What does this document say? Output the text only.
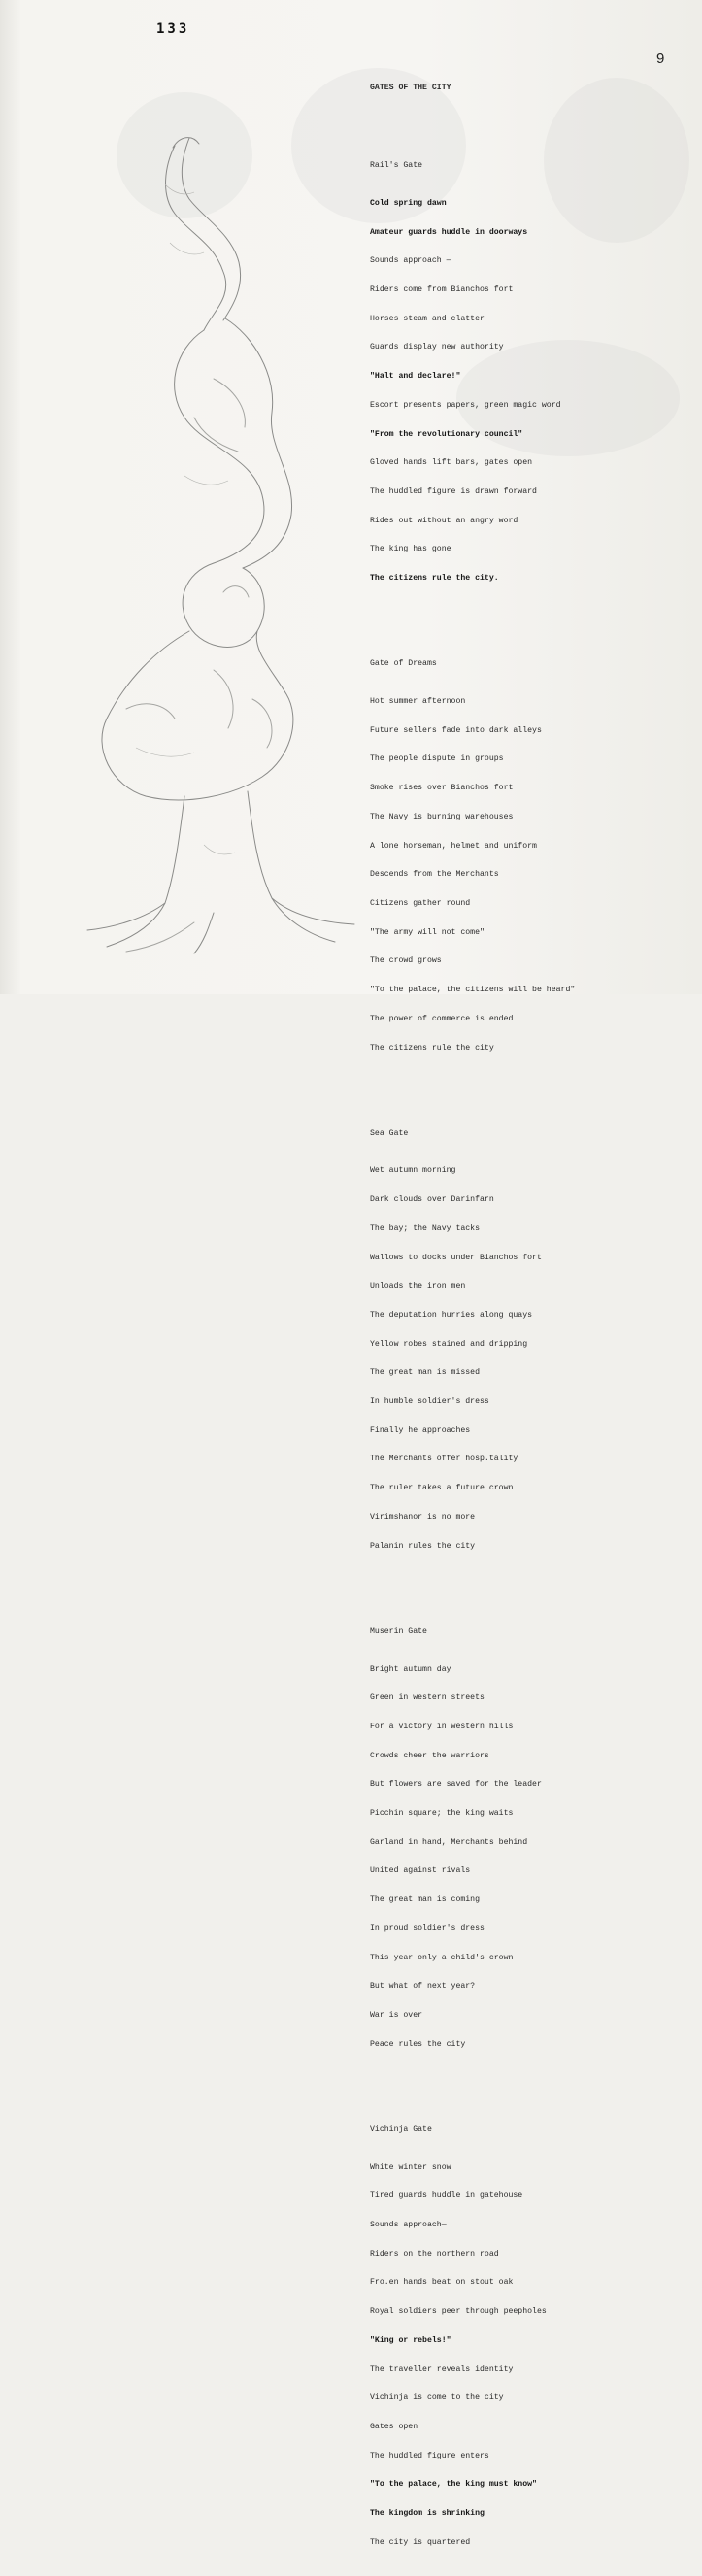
133
9

GATES OF THE CITY

Rail's Gate

Cold spring dawn

Amateur guards huddle in doorways

Sounds approach —

Riders come from Bianchos fort

Horses steam and clatter

Guards display new authority

"Halt and declare!"

Escort presents papers, green magic word

"From the revolutionary council"

Gloved hands lift bars, gates open

The huddled figure is drawn forward

Rides out without an angry word

The king has gone

The citizens rule the city.

Gate of Dreams

Hot summer afternoon

Future sellers fade into dark alleys

The people dispute in groups

Smoke rises over Bianchos fort

The Navy is burning warehouses

A lone horseman, helmet and uniform

Descends from the Merchants

Citizens gather round

"The army will not come"

The crowd grows

"To the palace, the citizens will be heard"

The power of commerce is ended

The citizens rule the city

Sea Gate

Wet autumn morning

Dark clouds over Darinfarn

The bay; the Navy tacks

Wallows to docks under Bianchos fort

Unloads the iron men

The deputation hurries along quays

Yellow robes stained and dripping

The great man is missed

In humble soldier's dress

Finally he approaches

The Merchants offer hosp.tality

The ruler takes a future crown

Virimshanor is no more

Palanin rules the city

Muserin Gate

Bright autumn day

Green in western streets

For a victory in western hills

Crowds cheer the warriors

But flowers are saved for the leader

Picchin square; the king waits

Garland in hand, Merchants behind

United against rivals

The great man is coming

In proud soldier's dress

This year only a child's crown

But what of next year?

War is over

Peace rules the city

Vichinja Gate

White winter snow

Tired guards huddle in gatehouse

Sounds approach—

Riders on the northern road

Fro.en hands beat on stout oak

Royal soldiers peer through peepholes

"King or rebels!"

The traveller reveals identity

Vichinja is come to the city

Gates open

The huddled figure enters

"To the palace, the king must know"

The kingdom is shrinking

The city is quartered
